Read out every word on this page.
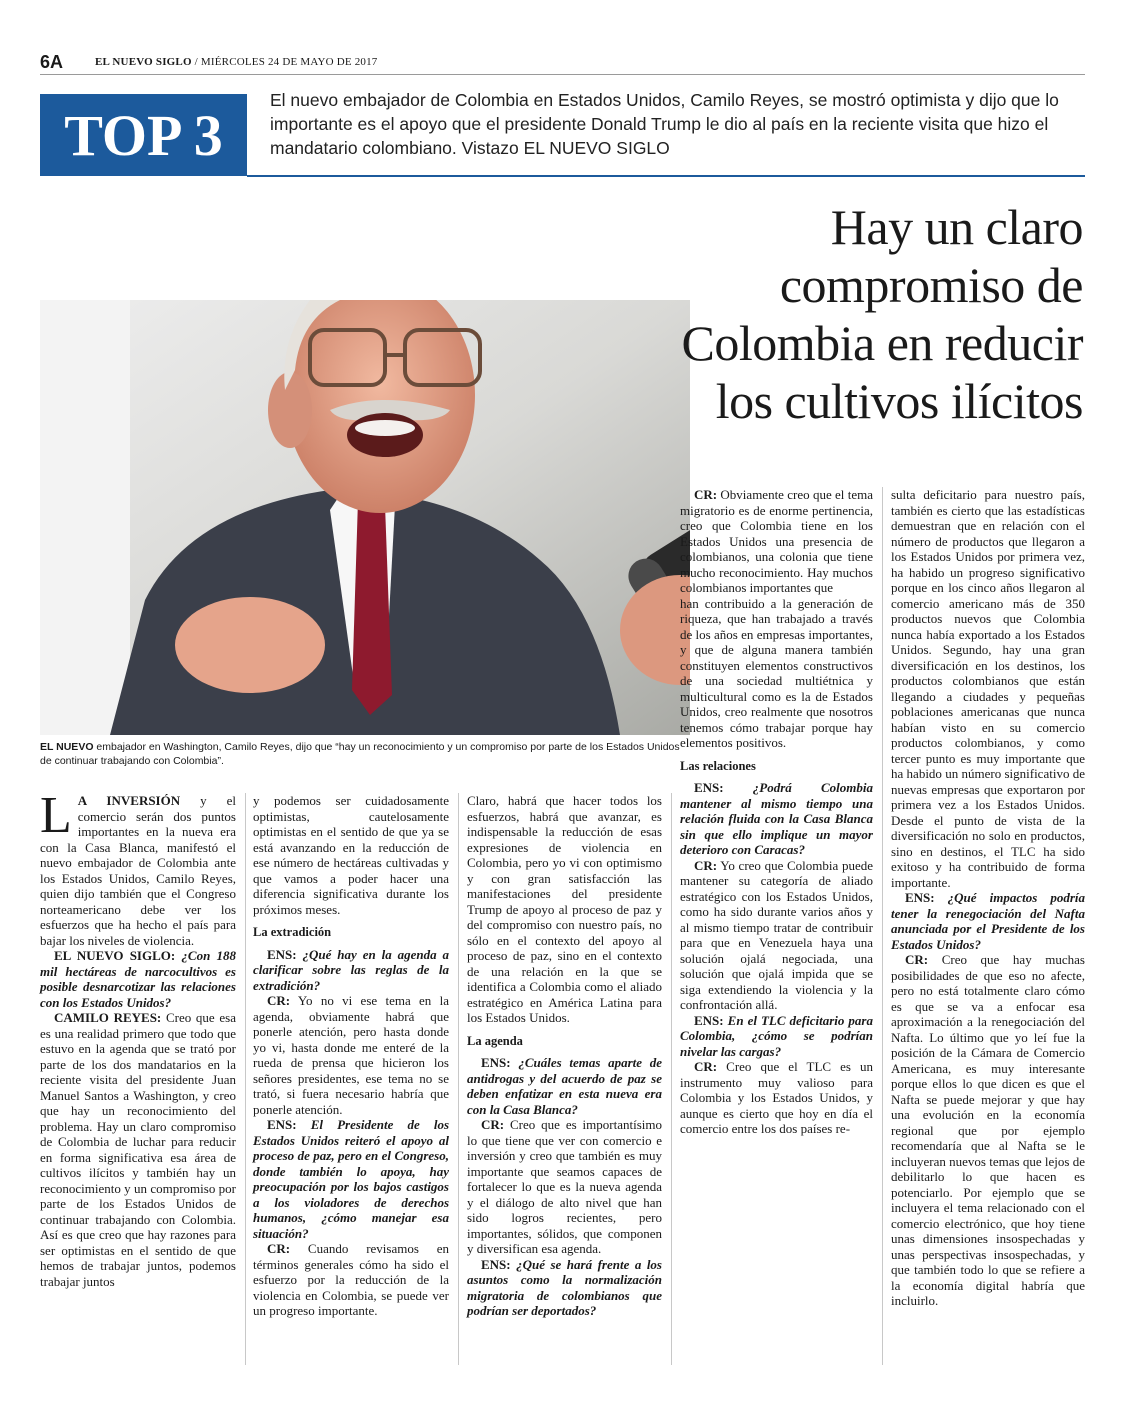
6A	EL NUEVO SIGLO / MIÉRCOLES 24 DE MAYO DE 2017
TOP 3
El nuevo embajador de Colombia en Estados Unidos, Camilo Reyes, se mostró optimista y dijo que lo importante es el apoyo que el presidente Donald Trump le dio al país en la reciente visita que hizo el mandatario colombiano. Vistazo EL NUEVO SIGLO
Hay un claro
compromiso de
Colombia en reducir
los cultivos ilícitos
EL NUEVO embajador en Washington, Camilo Reyes, dijo que “hay un reconocimiento y un compromiso por parte de los Estados Unidos de continuar trabajando con Colombia”.

L A INVERSIÓN y el comercio serán dos puntos importantes en la nueva era con la Casa Blanca, manifestó el nuevo embajador de Colombia ante los Estados Unidos, Camilo Reyes, quien dijo también que el Congreso norteamericano debe ver los esfuerzos que ha hecho el país para bajar los niveles de violencia.

EL NUEVO SIGLO: ¿Con 188 mil hectáreas de narcocultivos es posible desnarcotizar las relaciones con los Estados Unidos?

CAMILO REYES: Creo que esa es una realidad primero que todo que estuvo en la agenda que se trató por parte de los dos mandatarios en la reciente visita del presidente Juan Manuel Santos a Washington, y creo que hay un reconocimiento del problema. Hay un claro compromiso de Colombia de luchar para reducir en forma significativa esa área de cultivos ilícitos y también hay un reconocimiento y un compromiso por parte de los Estados Unidos de continuar trabajando con Colombia. Así es que creo que hay razones para ser optimistas en el sentido de que hemos de trabajar juntos, podemos trabajar juntos

y podemos ser cuidadosamente optimistas, cautelosamente optimistas en el sentido de que ya se está avanzando en la reducción de ese número de hectáreas cultivadas y que vamos a poder hacer una diferencia significativa durante los próximos meses.

La extradición

ENS: ¿Qué hay en la agenda a clarificar sobre las reglas de la extradición?

CR: Yo no vi ese tema en la agenda, obviamente habrá que ponerle atención, pero hasta donde yo vi, hasta donde me enteré de la rueda de prensa que hicieron los señores presidentes, ese tema no se trató, si fuera necesario habría que ponerle atención.

ENS: El Presidente de los Estados Unidos reiteró el apoyo al proceso de paz, pero en el Congreso, donde también lo apoya, hay preocupación por los bajos castigos a los violadores de derechos humanos, ¿cómo manejar esa situación?

CR: Cuando revisamos en términos generales cómo ha sido el esfuerzo por la reducción de la violencia en Colombia, se puede ver un progreso importante.

Claro, habrá que hacer todos los esfuerzos, habrá que avanzar, es indispensable la reducción de esas expresiones de violencia en Colombia, pero yo vi con optimismo y con gran satisfacción las manifestaciones del presidente Trump de apoyo al proceso de paz y del compromiso con nuestro país, no sólo en el contexto del apoyo al proceso de paz, sino en el contexto de una relación en la que se identifica a Colombia como el aliado estratégico en América Latina para los Estados Unidos.

La agenda

ENS: ¿Cuáles temas aparte de antidrogas y del acuerdo de paz se deben enfatizar en esta nueva era con la Casa Blanca?

CR: Creo que es importantísimo lo que tiene que ver con comercio e inversión y creo que también es muy importante que seamos capaces de fortalecer lo que es la nueva agenda y el diálogo de alto nivel que han sido logros recientes, pero importantes, sólidos, que componen y diversifican esa agenda.

ENS: ¿Qué se hará frente a los asuntos como la normalización migratoria de colombianos que podrían ser deportados?

CR: Obviamente creo que el tema migratorio es de enorme pertinencia, creo que Colombia tiene en los Estados Unidos una presencia de colombianos, una colonia que tiene mucho reconocimiento. Hay muchos colombianos importantes que

han contribuido a la generación de riqueza, que han trabajado a través de los años en empresas importantes, y que de alguna manera también constituyen elementos constructivos de una sociedad multiétnica y multicultural como es la de Estados Unidos, creo realmente que nosotros tenemos cómo trabajar porque hay elementos positivos.

Las relaciones

ENS: ¿Podrá Colombia mantener al mismo tiempo una relación fluida con la Casa Blanca sin que ello implique un mayor deterioro con Caracas?

CR: Yo creo que Colombia puede mantener su categoría de aliado estratégico con los Estados Unidos, como ha sido durante varios años y al mismo tiempo tratar de contribuir para que en Venezuela haya una solución ojalá negociada, una solución que ojalá impida que se siga extendiendo la violencia y la confrontación allá.

ENS: En el TLC deficitario para Colombia, ¿cómo se podrían nivelar las cargas?

CR: Creo que el TLC es un instrumento muy valioso para Colombia y los Estados Unidos, y aunque es cierto que hoy en día el comercio entre los dos países re-

sulta deficitario para nuestro país, también es cierto que las estadísticas demuestran que en relación con el número de productos que llegaron a los Estados Unidos por primera vez, ha habido un progreso significativo porque en los cinco años llegaron al comercio americano más de 350 productos nuevos que Colombia nunca había exportado a los Estados Unidos. Segundo, hay una gran diversificación en los destinos, los productos colombianos que están llegando a ciudades y pequeñas poblaciones americanas que nunca habían visto en su comercio productos colombianos, y como tercer punto es muy importante que ha habido un número significativo de nuevas empresas que exportaron por primera vez a los Estados Unidos. Desde el punto de vista de la diversificación no solo en productos, sino en destinos, el TLC ha sido exitoso y ha contribuido de forma importante.

ENS: ¿Qué impactos podría tener la renegociación del Nafta anunciada por el Presidente de los Estados Unidos?

CR: Creo que hay muchas posibilidades de que eso no afecte, pero no está totalmente claro cómo es que se va a enfocar esa aproximación a la renegociación del Nafta. Lo último que yo leí fue la posición de la Cámara de Comercio Americana, es muy interesante porque ellos lo que dicen es que el Nafta se puede mejorar y que hay una evolución en la economía regional que por ejemplo recomendaría que al Nafta se le incluyeran nuevos temas que lejos de debilitarlo lo que hacen es potenciarlo. Por ejemplo que se incluyera el tema relacionado con el comercio electrónico, que hoy tiene unas dimensiones insospechadas y unas perspectivas insospechadas, y que también todo lo que se refiere a la economía digital habría que incluirlo.
